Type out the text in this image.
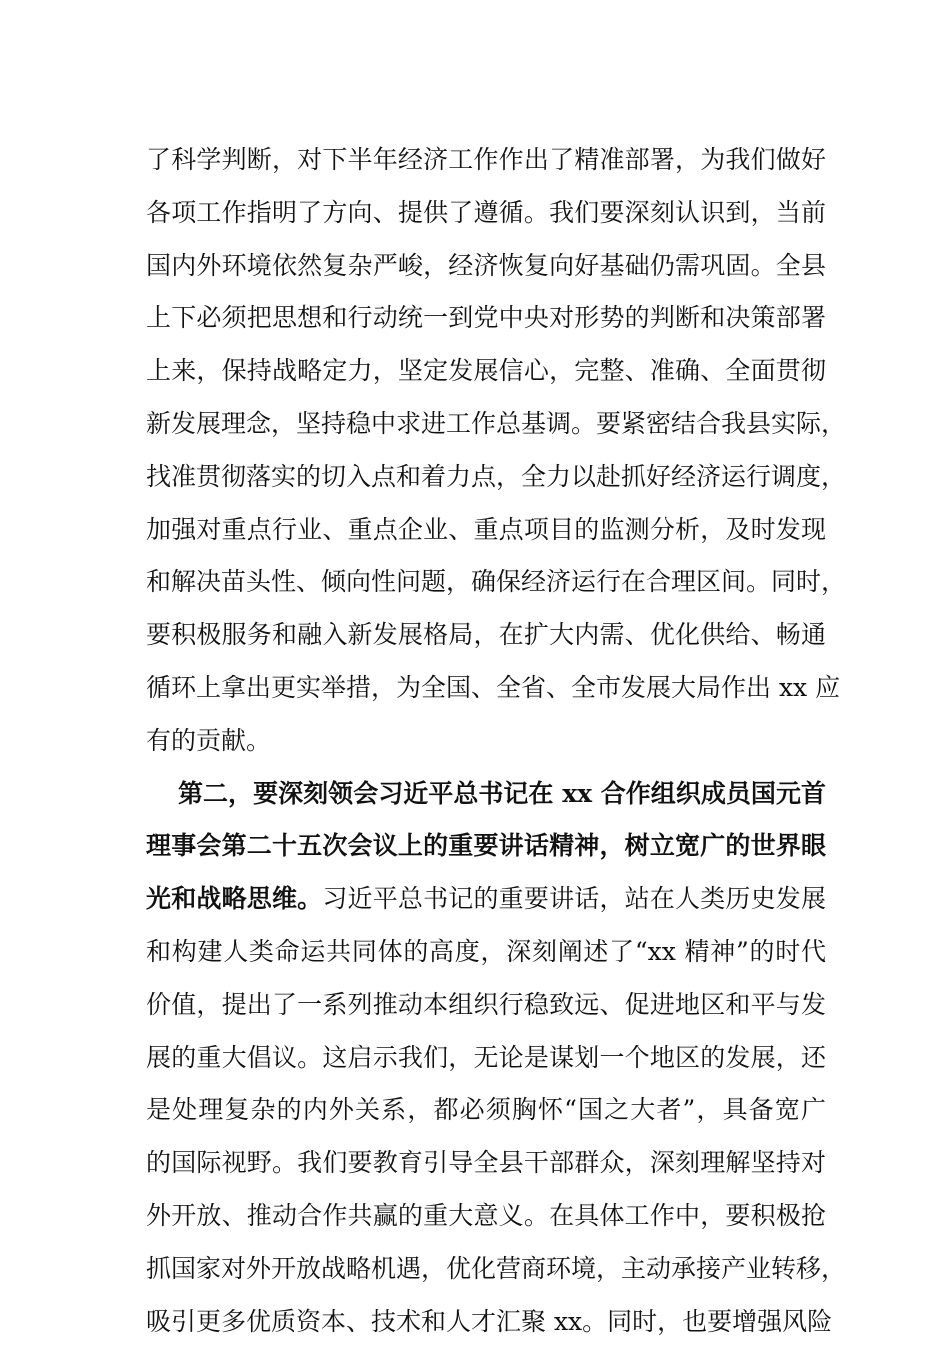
了科学判断，对下半年经济工作作出了精准部署，为我们做好
各项工作指明了方向、提供了遵循。我们要深刻认识到，当前
国内外环境依然复杂严峻，经济恢复向好基础仍需巩固。全县
上下必须把思想和行动统一到党中央对形势的判断和决策部署
上来，保持战略定力，坚定发展信心，完整、准确、全面贯彻
新发展理念，坚持稳中求进工作总基调。要紧密结合我县实际，
找准贯彻落实的切入点和着力点，全力以赴抓好经济运行调度，
加强对重点行业、重点企业、重点项目的监测分析，及时发现
和解决苗头性、倾向性问题，确保经济运行在合理区间。同时，
要积极服务和融入新发展格局，在扩大内需、优化供给、畅通
循环上拿出更实举措，为全国、全省、全市发展大局作出 xx 应
有的贡献。
第二，要深刻领会习近平总书记在 xx 合作组织成员国元首
理事会第二十五次会议上的重要讲话精神，树立宽广的世界眼
光和战略思维。习近平总书记的重要讲话，站在人类历史发展
和构建人类命运共同体的高度，深刻阐述了“xx 精神”的时代
价值，提出了一系列推动本组织行稳致远、促进地区和平与发
展的重大倡议。这启示我们，无论是谋划一个地区的发展，还
是处理复杂的内外关系，都必须胸怀“国之大者”，具备宽广
的国际视野。我们要教育引导全县干部群众，深刻理解坚持对
外开放、推动合作共赢的重大意义。在具体工作中，要积极抢
抓国家对外开放战略机遇，优化营商环境，主动承接产业转移，
吸引更多优质资本、技术和人才汇聚 xx。同时，也要增强风险
